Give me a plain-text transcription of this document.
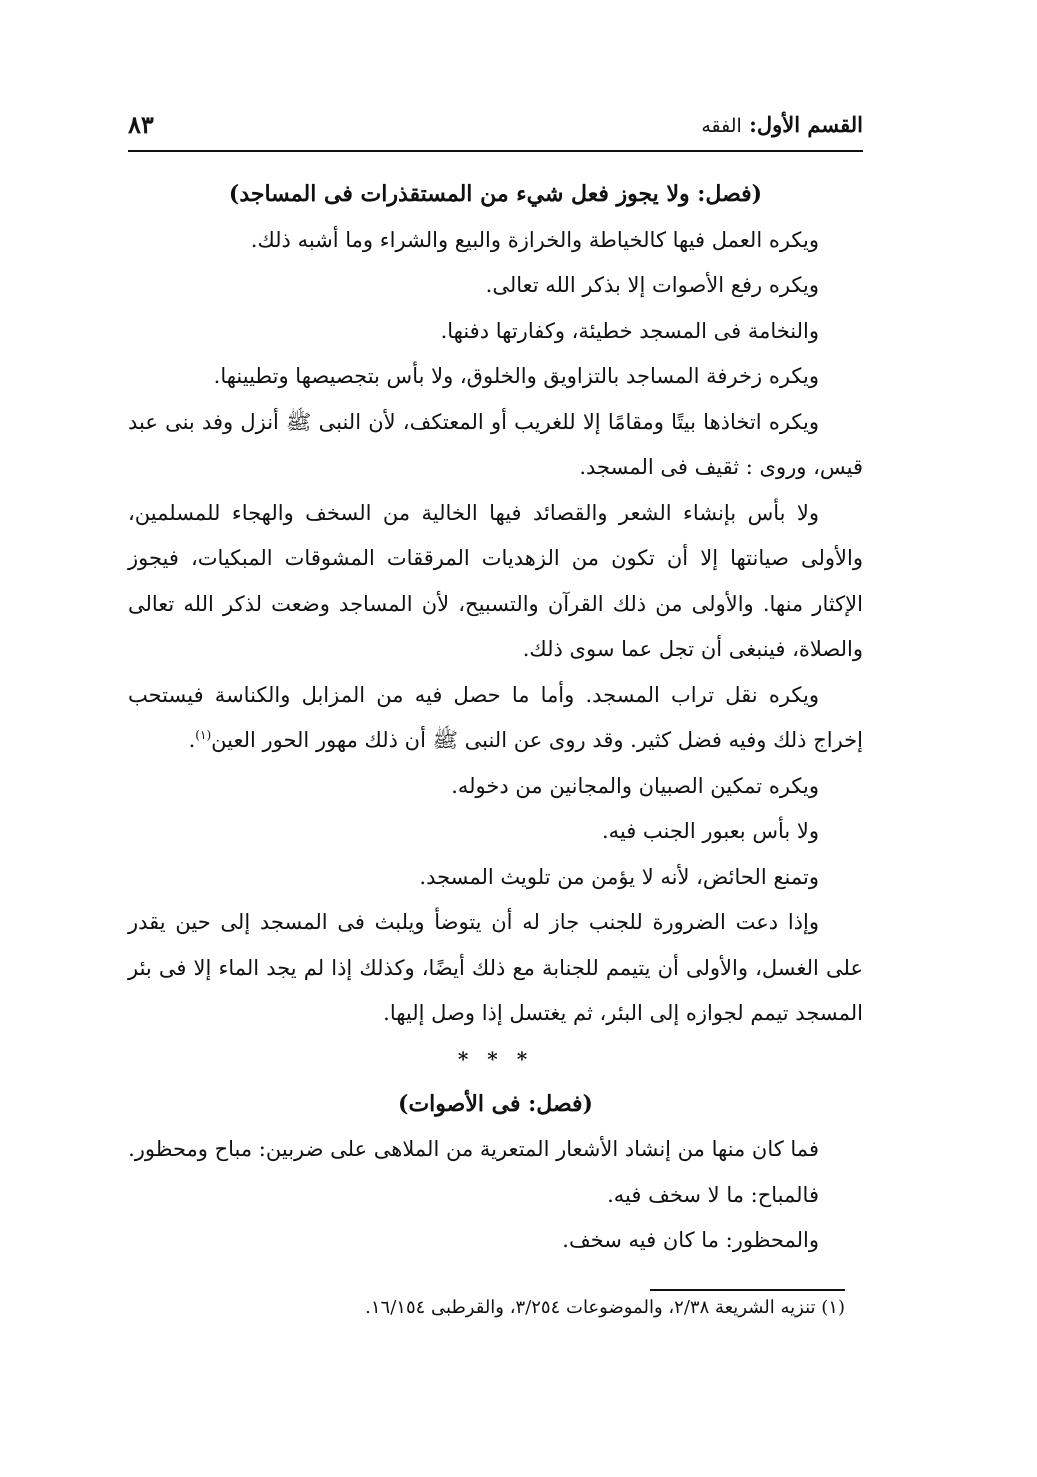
القسم الأول: الفقه
٨٣

(فصل: ولا يجوز فعل شيء من المستقذرات فى المساجد)

ويكره العمل فيها كالخياطة والخرازة والبيع والشراء وما أشبه ذلك.

ويكره رفع الأصوات إلا بذكر الله تعالى.

والنخامة فى المسجد خطيئة، وكفارتها دفنها.

ويكره زخرفة المساجد بالتزاويق والخلوق، ولا بأس بتجصيصها وتطيينها.

ويكره اتخاذها بيتًا ومقامًا إلا للغريب أو المعتكف، لأن النبى ﷺ أنزل وفد بنى عبد قيس، وروى : ثقيف فى المسجد.

ولا بأس بإنشاء الشعر والقصائد فيها الخالية من السخف والهجاء للمسلمين، والأولى صيانتها إلا أن تكون من الزهديات المرققات المشوقات المبكيات، فيجوز الإكثار منها. والأولى من ذلك القرآن والتسبيح، لأن المساجد وضعت لذكر الله تعالى والصلاة، فينبغى أن تجل عما سوى ذلك.

ويكره نقل تراب المسجد. وأما ما حصل فيه من المزابل والكناسة فيستحب إخراج ذلك وفيه فضل كثير. وقد روى عن النبى ﷺ أن ذلك مهور الحور العين$^{(١)}$.

ويكره تمكين الصبيان والمجانين من دخوله.

ولا بأس بعبور الجنب فيه.

وتمنع الحائض، لأنه لا يؤمن من تلويث المسجد.

وإذا دعت الضرورة للجنب جاز له أن يتوضأ ويلبث فى المسجد إلى حين يقدر على الغسل، والأولى أن يتيمم للجنابة مع ذلك أيضًا، وكذلك إذا لم يجد الماء إلا فى بئر المسجد تيمم لجوازه إلى البئر، ثم يغتسل إذا وصل إليها.

* * *

(فصل: فى الأصوات)

فما كان منها من إنشاد الأشعار المتعرية من الملاهى على ضربين: مباح ومحظور.

فالمباح: ما لا سخف فيه.

والمحظور: ما كان فيه سخف.

(١) تنزيه الشريعة ٢/٣٨، والموضوعات ٣/٢٥٤، والقرطبى ١٦/١٥٤.
